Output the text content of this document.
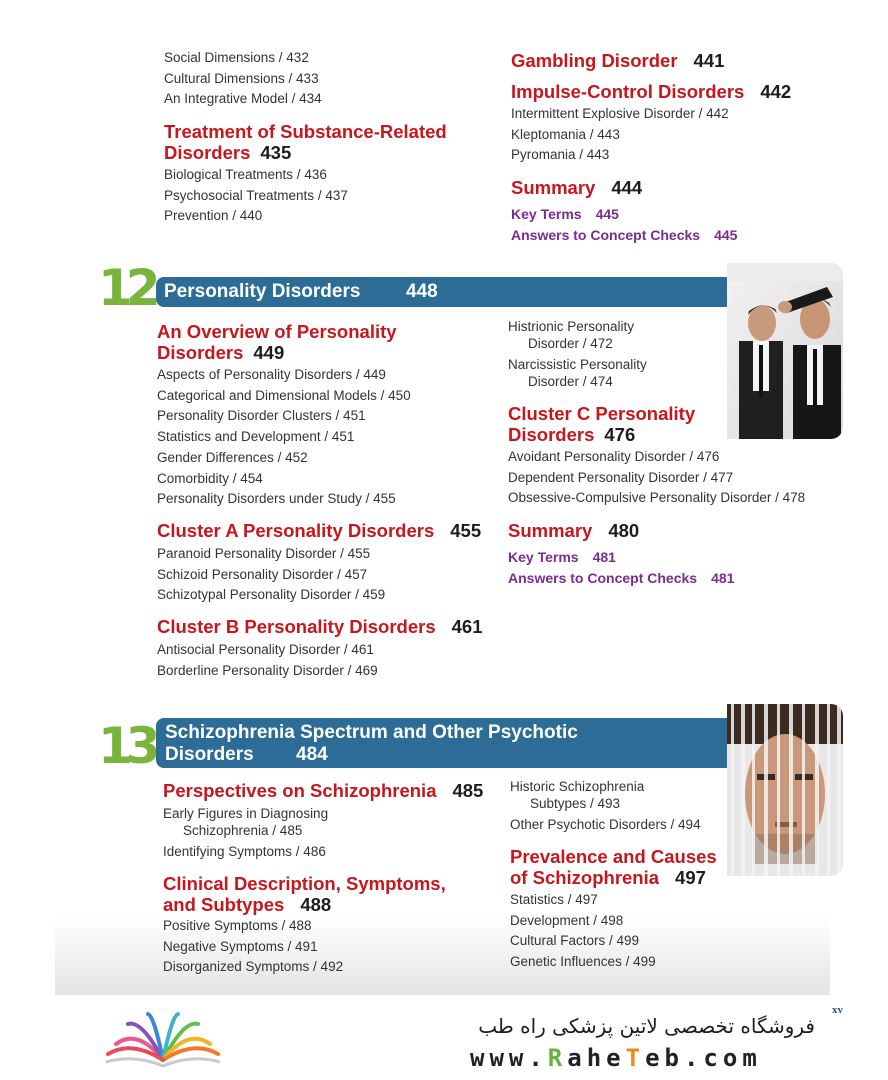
Social Dimensions / 432
Cultural Dimensions / 433
An Integrative Model / 434
Treatment of Substance-Related
Disorders 435
Biological Treatments / 436
Psychosocial Treatments / 437
Prevention / 440
Gambling Disorder 441
Impulse-Control Disorders 442
Intermittent Explosive Disorder / 442
Kleptomania / 443
Pyromania / 443
Summary 444
Key Terms 445
Answers to Concept Checks 445
12 Personality Disorders 448
An Overview of Personality
Disorders 449
Aspects of Personality Disorders / 449
Categorical and Dimensional Models / 450
Personality Disorder Clusters / 451
Statistics and Development / 451
Gender Differences / 452
Comorbidity / 454
Personality Disorders under Study / 455
Cluster A Personality Disorders 455
Paranoid Personality Disorder / 455
Schizoid Personality Disorder / 457
Schizotypal Personality Disorder / 459
Cluster B Personality Disorders 461
Antisocial Personality Disorder / 461
Borderline Personality Disorder / 469
Histrionic Personality
Disorder / 472
Narcissistic Personality
Disorder / 474
Cluster C Personality
Disorders 476
Avoidant Personality Disorder / 476
Dependent Personality Disorder / 477
Obsessive-Compulsive Personality Disorder / 478
Summary 480
Key Terms 481
Answers to Concept Checks 481
13 Schizophrenia Spectrum and Other Psychotic
Disorders 484
Perspectives on Schizophrenia 485
Early Figures in Diagnosing
Schizophrenia / 485
Identifying Symptoms / 486
Clinical Description, Symptoms,
and Subtypes 488
Positive Symptoms / 488
Negative Symptoms / 491
Disorganized Symptoms / 492
Historic Schizophrenia
Subtypes / 493
Other Psychotic Disorders / 494
Prevalence and Causes
of Schizophrenia 497
Statistics / 497
Development / 498
Cultural Factors / 499
Genetic Influences / 499
xv
فروشگاه تخصصی لاتین پزشکی راه طب
www.RaheTeb.com
